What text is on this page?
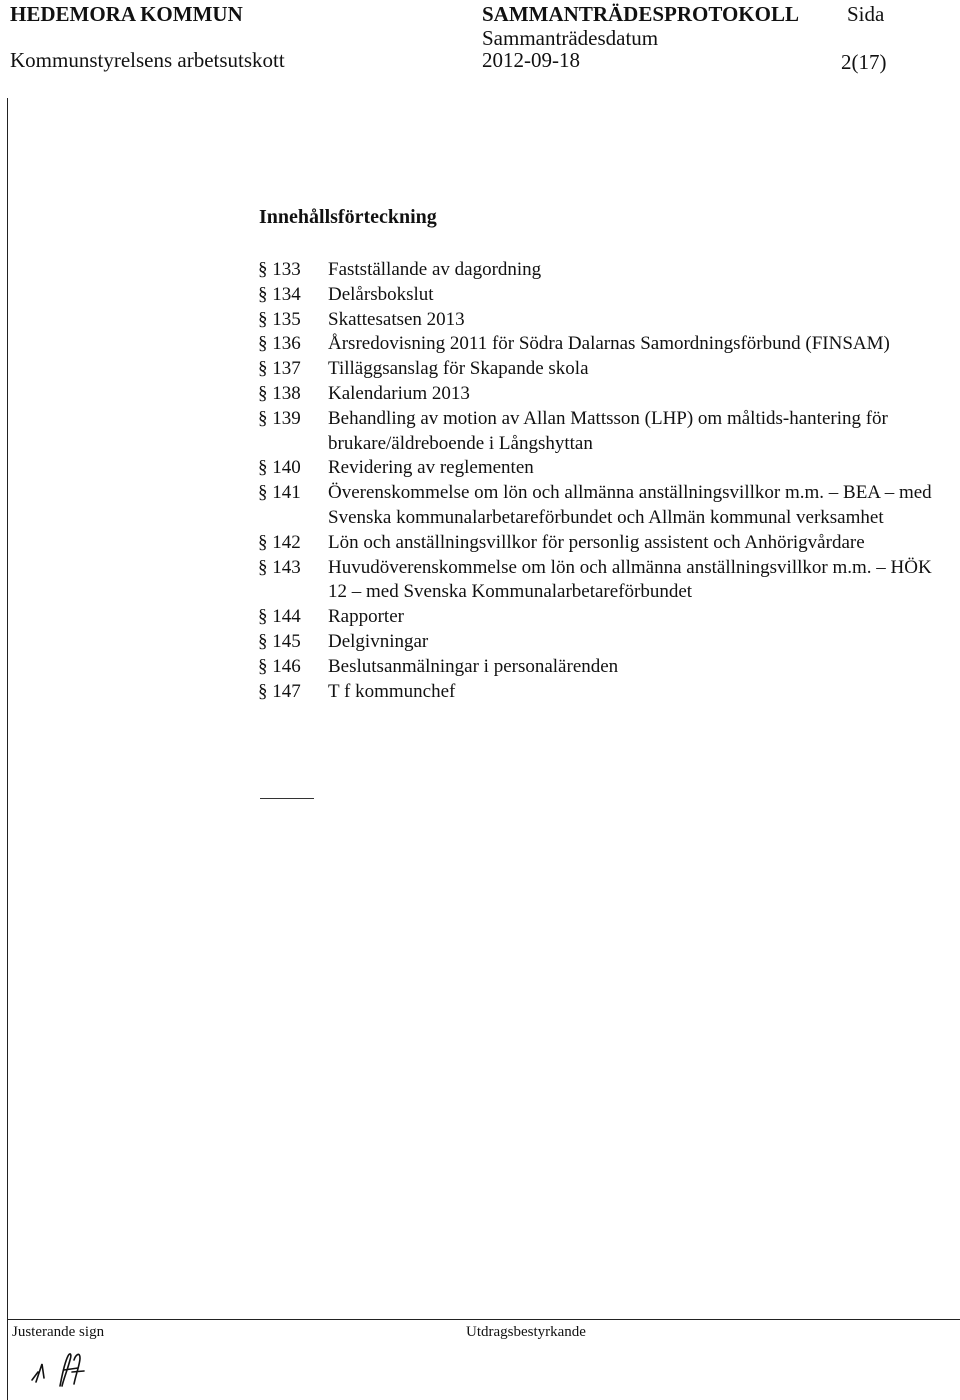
HEDEMORA KOMMUN
Kommunstyrelsens arbetsutskott
SAMMANTRÄDESPROTOKOLL
Sammanträdesdatum
2012-09-18
Sida
2(17)
Innehållsförteckning
§ 133	Fastställande av dagordning
§ 134	Delårsbokslut
§ 135	Skattesatsen 2013
§ 136	Årsredovisning 2011 för Södra Dalarnas Samordningsförbund (FINSAM)
§ 137	Tilläggsanslag för Skapande skola
§ 138	Kalendarium 2013
§ 139	Behandling av motion av Allan Mattsson (LHP) om måltids-hantering för brukare/äldreboende i Långshyttan
§ 140	Revidering av reglementen
§ 141	Överenskommelse om lön och allmänna anställningsvillkor m.m. – BEA – med Svenska kommunalarbetareförbundet och Allmän kommunal verksamhet
§ 142	Lön och anställningsvillkor för personlig assistent och Anhörigvårdare
§ 143	Huvudöverenskommelse om lön och allmänna anställningsvillkor m.m. – HÖK 12 – med Svenska Kommunalarbetareförbundet
§ 144	Rapporter
§ 145	Delgivningar
§ 146	Beslutsanmälningar i personalärenden
§ 147	T f kommunchef
Justerande sign	Utdragsbestyrkande
